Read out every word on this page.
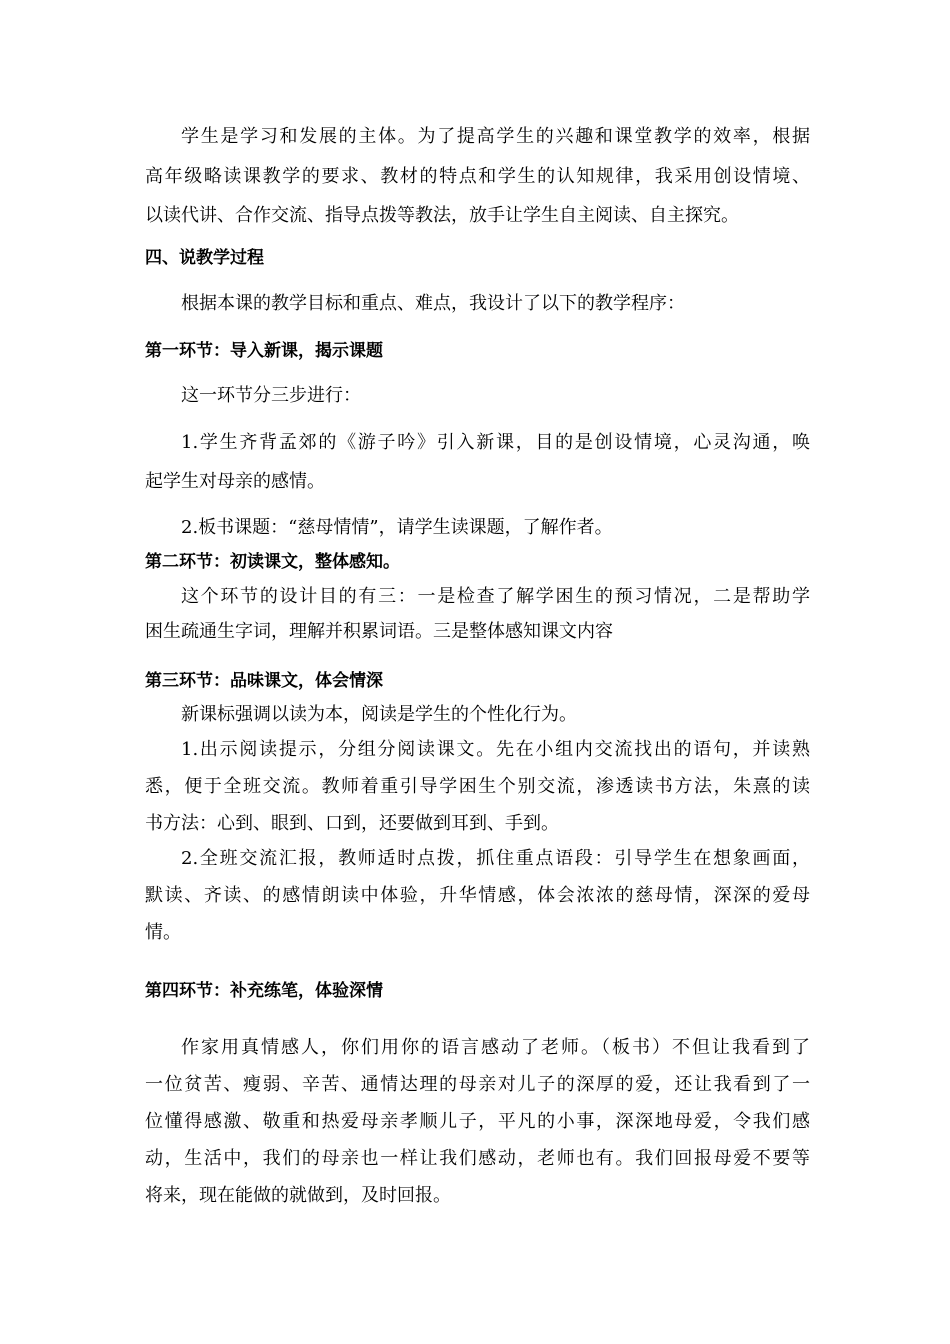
学生是学习和发展的主体。为了提高学生的兴趣和课堂教学的效率，根据

高年级略读课教学的要求、教材的特点和学生的认知规律，我采用创设情境、

以读代讲、合作交流、指导点拨等教法，放手让学生自主阅读、自主探究。

四、说教学过程

根据本课的教学目标和重点、难点，我设计了以下的教学程序：

第一环节：导入新课，揭示课题

这一环节分三步进行：

1.学生齐背孟郊的《游子吟》引入新课，目的是创设情境，心灵沟通，唤

起学生对母亲的感情。

2.板书课题：“慈母情情”，请学生读课题，了解作者。

第二环节：初读课文，整体感知。

这个环节的设计目的有三：一是检查了解学困生的预习情况，二是帮助学

困生疏通生字词，理解并积累词语。三是整体感知课文内容

第三环节：品味课文，体会情深

新课标强调以读为本，阅读是学生的个性化行为。

1.出示阅读提示，分组分阅读课文。先在小组内交流找出的语句，并读熟

悉，便于全班交流。教师着重引导学困生个别交流，渗透读书方法，朱熹的读

书方法：心到、眼到、口到，还要做到耳到、手到。

2.全班交流汇报，教师适时点拨，抓住重点语段：引导学生在想象画面，

默读、齐读、的感情朗读中体验，升华情感，体会浓浓的慈母情，深深的爱母

情。

第四环节：补充练笔，体验深情

作家用真情感人，你们用你的语言感动了老师。（板书）不但让我看到了

一位贫苦、瘦弱、辛苦、通情达理的母亲对儿子的深厚的爱，还让我看到了一

位懂得感激、敬重和热爱母亲孝顺儿子，平凡的小事，深深地母爱，令我们感

动，生活中，我们的母亲也一样让我们感动，老师也有。我们回报母爱不要等

将来，现在能做的就做到，及时回报。
